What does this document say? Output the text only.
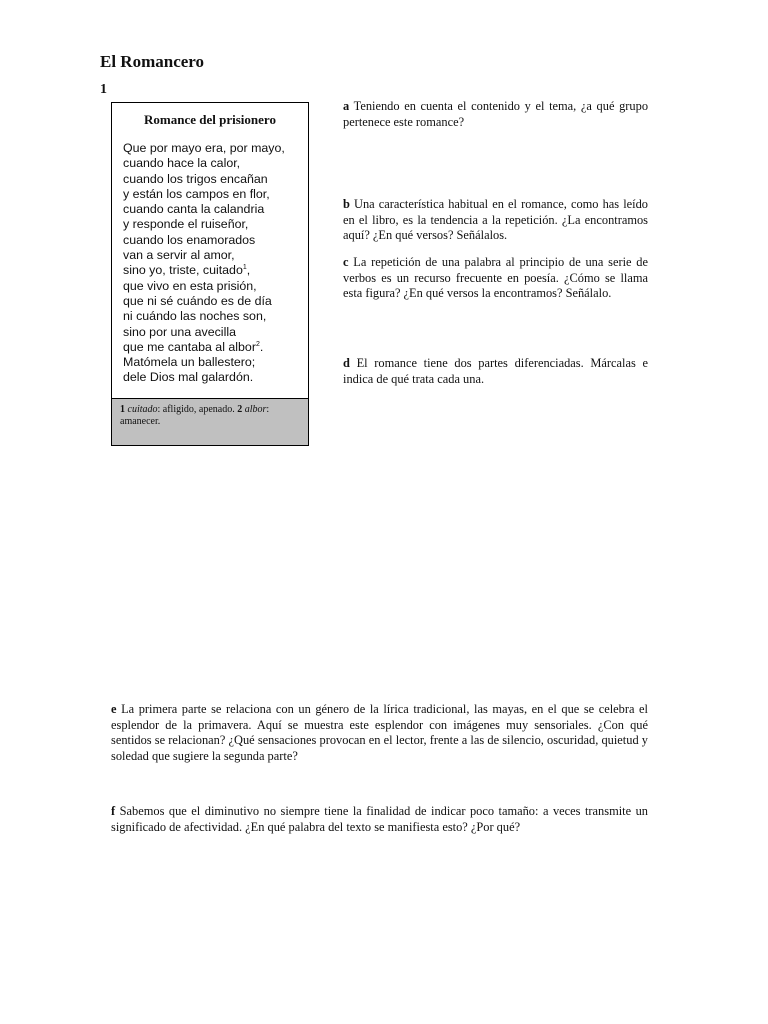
El Romancero
1
Romance del prisionero
Que por mayo era, por mayo,
cuando hace la calor,
cuando los trigos encañan
y están los campos en flor,
cuando canta la calandria
y responde el ruiseñor,
cuando los enamorados
van a servir al amor,
sino yo, triste, cuitado$^1$,
que vivo en esta prisión,
que ni sé cuándo es de día
ni cuándo las noches son,
sino por una avecilla
que me cantaba al albor$^2$.
Matómela un ballestero;
dele Dios mal galardón.
1 cuitado: afligido, apenado. 2 albor: amanecer.
a Teniendo en cuenta el contenido y el tema, ¿a qué grupo pertenece este romance?
b Una característica habitual en el romance, como has leído en el libro, es la tendencia a la repetición. ¿La encontramos aquí? ¿En qué versos? Señálalos.
c La repetición de una palabra al principio de una serie de verbos es un recurso frecuente en poesía. ¿Cómo se llama esta figura? ¿En qué versos la encontramos? Señálalo.
d El romance tiene dos partes diferenciadas. Márcalas e indica de qué trata cada una.
e La primera parte se relaciona con un género de la lírica tradicional, las mayas, en el que se celebra el esplendor de la primavera. Aquí se muestra este esplendor con imágenes muy sensoriales. ¿Con qué sentidos se relacionan? ¿Qué sensaciones provocan en el lector, frente a las de silencio, oscuridad, quietud y soledad que sugiere la segunda parte?
f Sabemos que el diminutivo no siempre tiene la finalidad de indicar poco tamaño: a veces transmite un significado de afectividad. ¿En qué palabra del texto se manifiesta esto? ¿Por qué?
